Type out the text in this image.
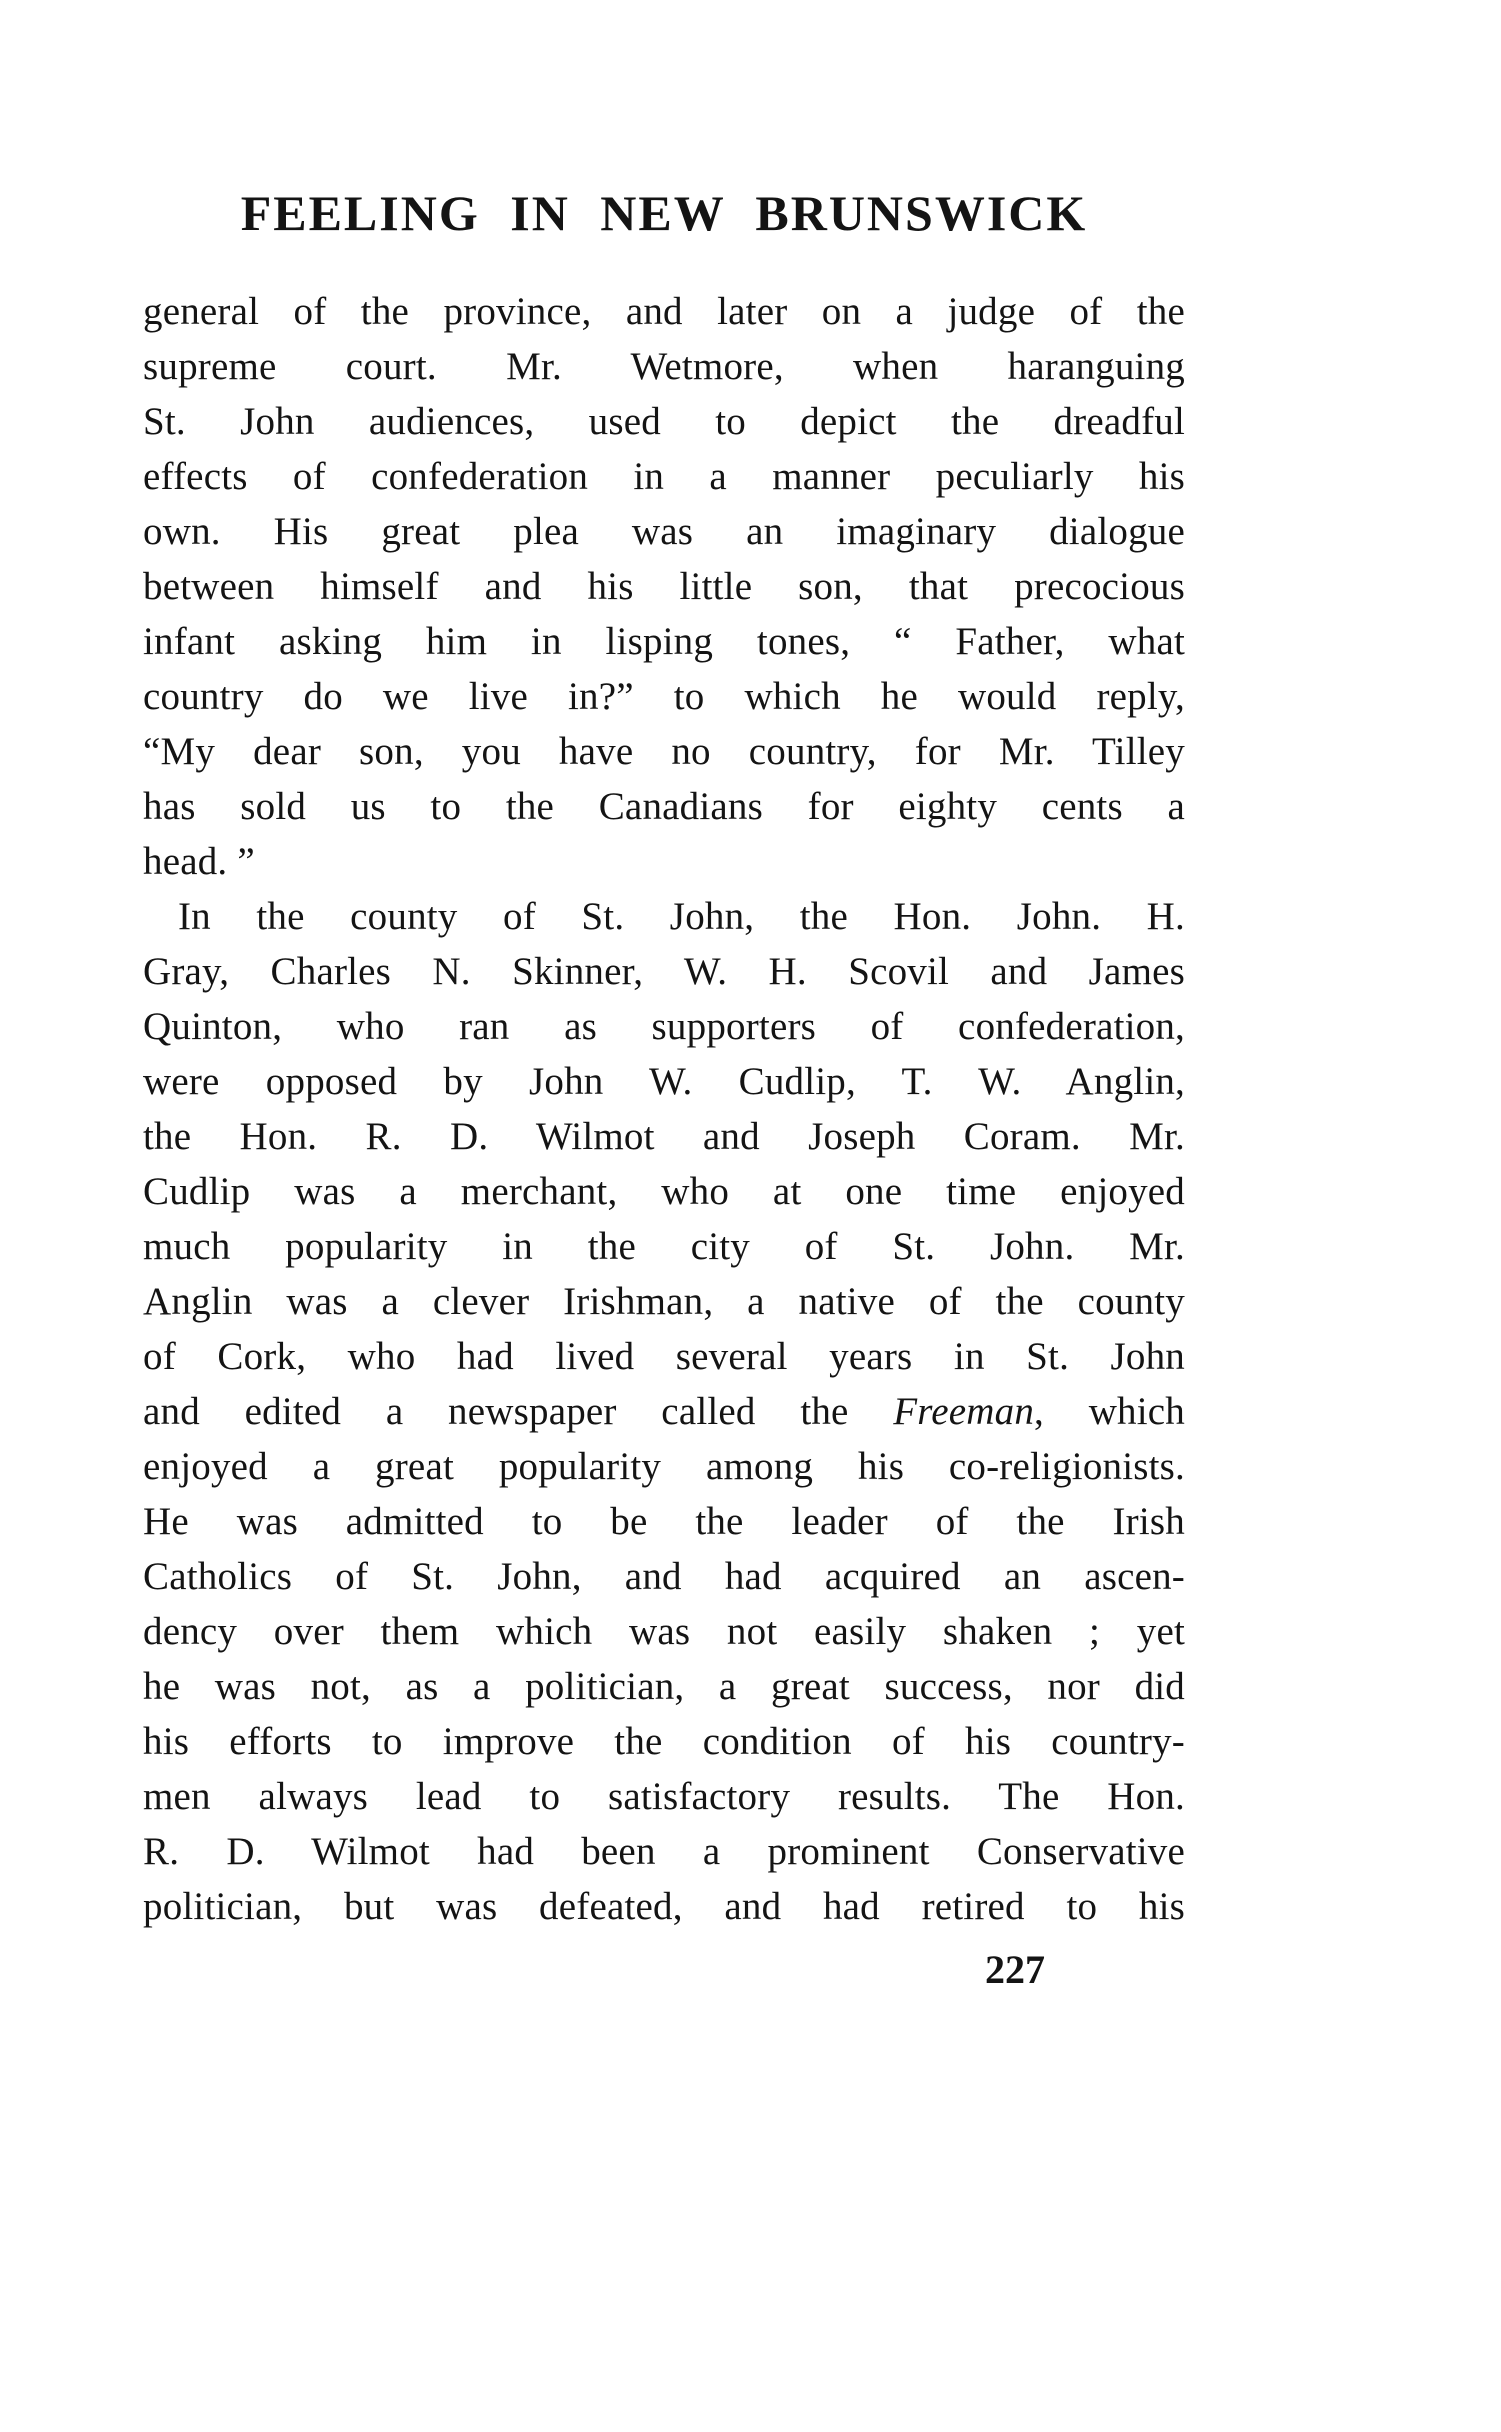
FEELING IN NEW BRUNSWICK

general of the province, and later on a judge of the
supreme court. Mr. Wetmore, when haranguing
St. John audiences, used to depict the dreadful
effects of confederation in a manner peculiarly his
own. His great plea was an imaginary dialogue
between himself and his little son, that precocious
infant asking him in lisping tones, “ Father, what
country do we live in?” to which he would reply,
“My dear son, you have no country, for Mr. Tilley
has sold us to the Canadians for eighty cents a
head. ”

In the county of St. John, the Hon. John. H.
Gray, Charles N. Skinner, W. H. Scovil and James
Quinton, who ran as supporters of confederation,
were opposed by John W. Cudlip, T. W. Anglin,
the Hon. R. D. Wilmot and Joseph Coram. Mr.
Cudlip was a merchant, who at one time enjoyed
much popularity in the city of St. John. Mr.
Anglin was a clever Irishman, a native of the county
of Cork, who had lived several years in St. John
and edited a newspaper called the Freeman, which
enjoyed a great popularity among his co-religionists.
He was admitted to be the leader of the Irish
Catholics of St. John, and had acquired an ascen-
dency over them which was not easily shaken ; yet
he was not, as a politician, a great success, nor did
his efforts to improve the condition of his country-
men always lead to satisfactory results. The Hon.
R. D. Wilmot had been a prominent Conservative
politician, but was defeated, and had retired to his

227
